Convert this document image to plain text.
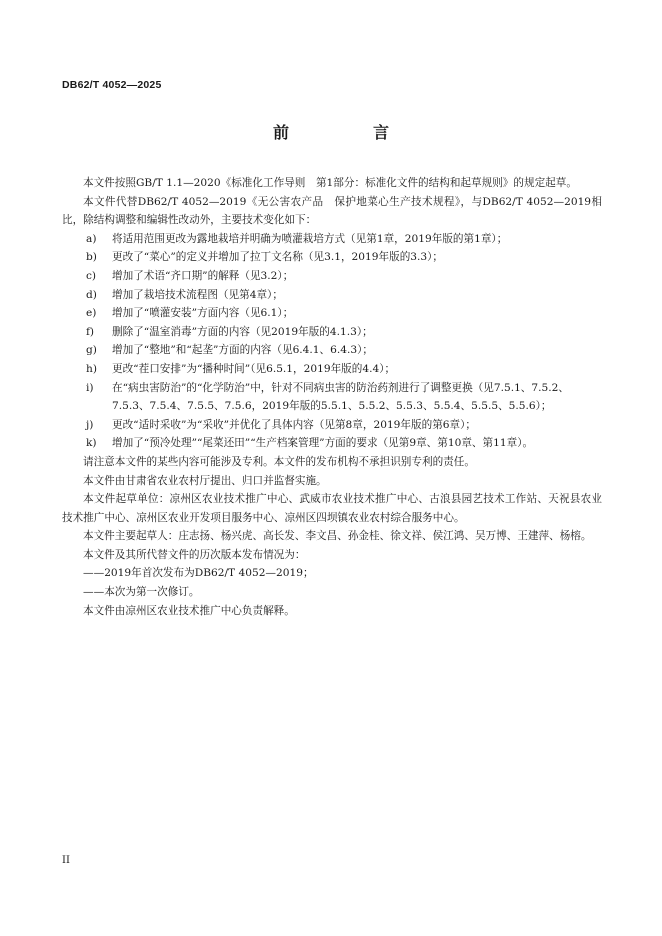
DB62/T 4052—2025
前　言

本文件按照GB/T 1.1—2020《标准化工作导则　第1部分：标准化文件的结构和起草规则》的规定起草。

本文件代替DB62/T 4052—2019《无公害农产品　保护地菜心生产技术规程》，与DB62/T 4052—2019相比，除结构调整和编辑性改动外，主要技术变化如下：

a)	将适用范围更改为露地栽培并明确为喷灌栽培方式（见第1章，2019年版的第1章）；
b)	更改了“菜心”的定义并增加了拉丁文名称（见3.1，2019年版的3.3）；
c)	增加了术语“齐口期”的解释（见3.2）；
d)	增加了栽培技术流程图（见第4章）；
e)	增加了“喷灌安装”方面内容（见6.1）；
f)	删除了“温室消毒”方面的内容（见2019年版的4.1.3）；
g)	增加了“整地”和“起垄”方面的内容（见6.4.1、6.4.3）；
h)	更改“茬口安排”为“播种时间”（见6.5.1，2019年版的4.4）；
i)	在“病虫害防治”的“化学防治”中，针对不同病虫害的防治药剂进行了调整更换（见7.5.1、7.5.2、7.5.3、7.5.4、7.5.5、7.5.6，2019年版的5.5.1、5.5.2、5.5.3、5.5.4、5.5.5、5.5.6）；
j)	更改“适时采收”为“采收”并优化了具体内容（见第8章，2019年版的第6章）；
k)	增加了“预冷处理”“尾菜还田”“生产档案管理”方面的要求（见第9章、第10章、第11章）。

请注意本文件的某些内容可能涉及专利。本文件的发布机构不承担识别专利的责任。

本文件由甘肃省农业农村厅提出、归口并监督实施。

本文件起草单位：凉州区农业技术推广中心、武威市农业技术推广中心、古浪县园艺技术工作站、天祝县农业技术推广中心、凉州区农业开发项目服务中心、凉州区四坝镇农业农村综合服务中心。

本文件主要起草人：庄志扬、杨兴虎、高长发、李文昌、孙金桂、徐文祥、侯江鸿、吴万博、王建萍、杨榕。

本文件及其所代替文件的历次版本发布情况为：

——2019年首次发布为DB62/T 4052—2019；

——本次为第一次修订。

本文件由凉州区农业技术推广中心负责解释。

II
